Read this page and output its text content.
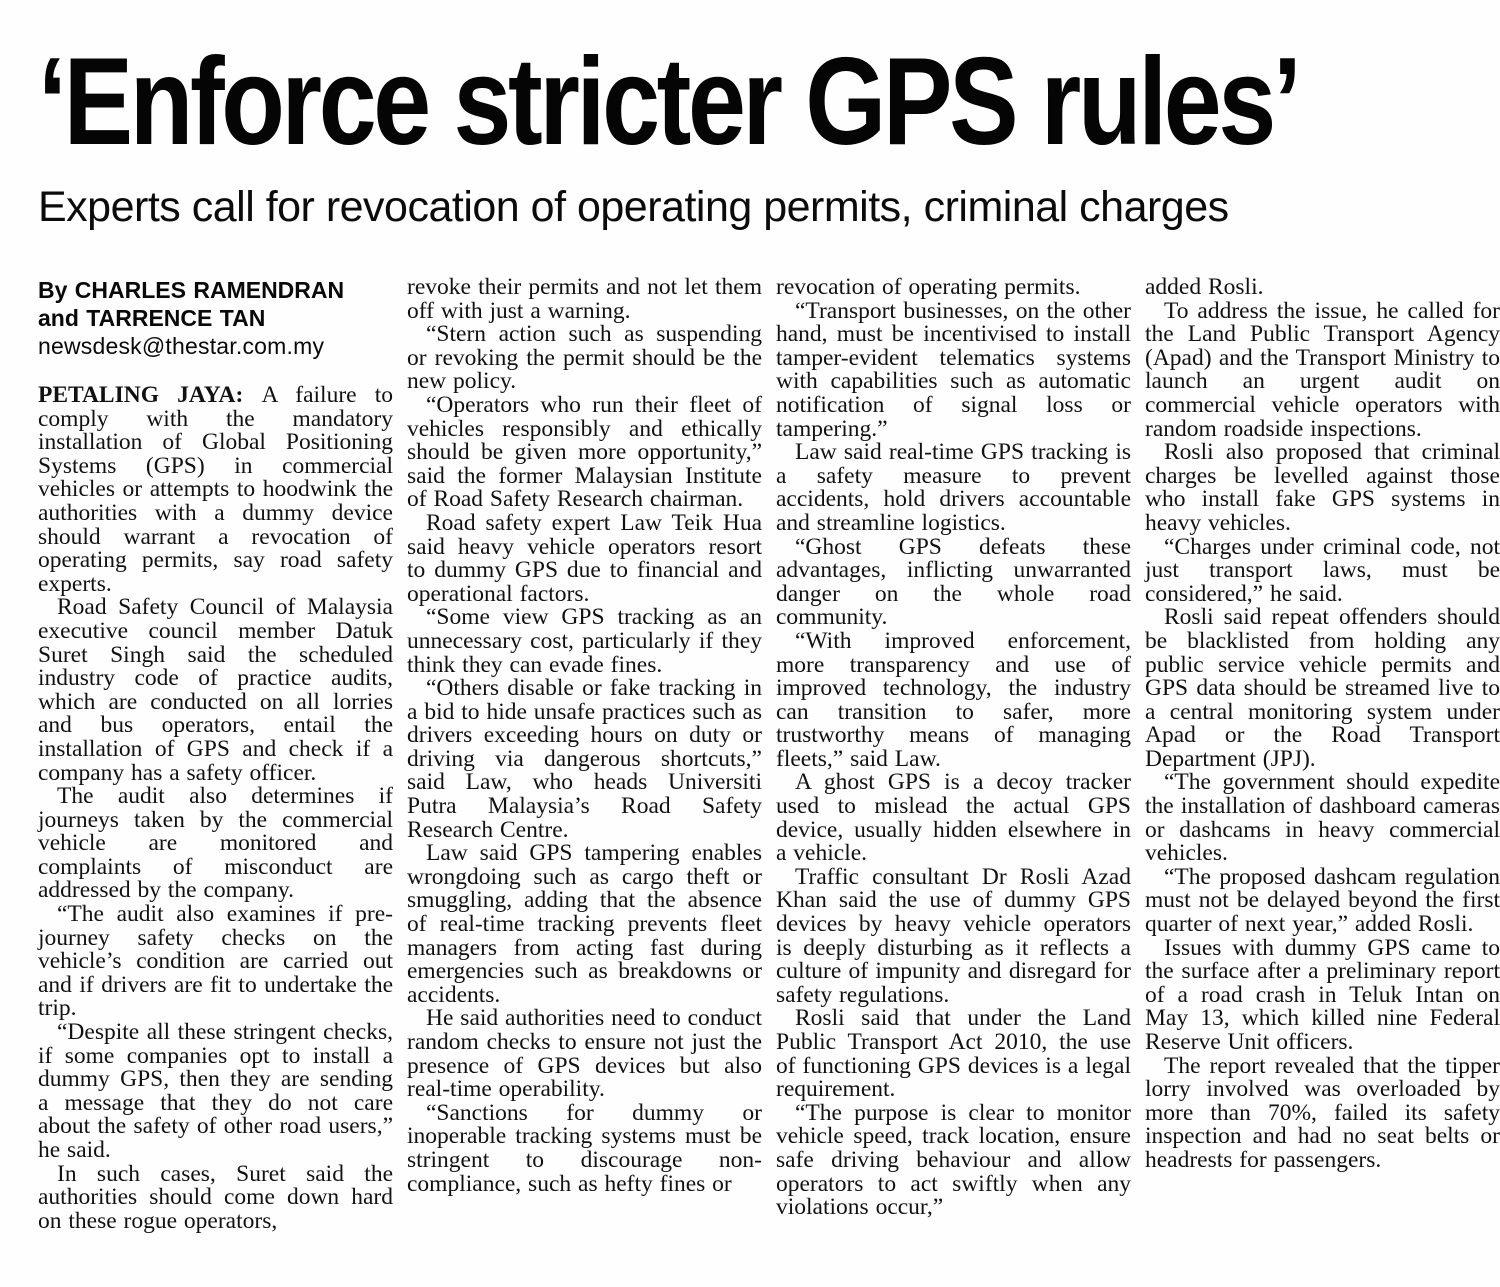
‘Enforce stricter GPS rules’
Experts call for revocation of operating permits, criminal charges

By CHARLES RAMENDRAN

and TARRENCE TAN

newsdesk@thestar.com.my

PETALING JAYA: A failure to comply with the mandatory installation of Global Positioning Systems (GPS) in commercial vehicles or attempts to hoodwink the authorities with a dummy device should warrant a revocation of operating permits, say road safety experts.

Road Safety Council of Malaysia executive council member Datuk Suret Singh said the scheduled industry code of practice audits, which are conducted on all lorries and bus operators, entail the installation of GPS and check if a company has a safety officer.

The audit also determines if journeys taken by the commercial vehicle are monitored and complaints of misconduct are addressed by the company.

“The audit also examines if pre-journey safety checks on the vehicle’s condition are carried out and if drivers are fit to undertake the trip.

“Despite all these stringent checks, if some companies opt to install a dummy GPS, then they are sending a message that they do not care about the safety of other road users,” he said.

In such cases, Suret said the authorities should come down hard on these rogue operators,

revoke their permits and not let them off with just a warning.

“Stern action such as suspending or revoking the permit should be the new policy.

“Operators who run their fleet of vehicles responsibly and ethically should be given more opportunity,” said the former Malaysian Institute of Road Safety Research chairman.

Road safety expert Law Teik Hua said heavy vehicle operators resort to dummy GPS due to financial and operational factors.

“Some view GPS tracking as an unnecessary cost, particularly if they think they can evade fines.

“Others disable or fake tracking in a bid to hide unsafe practices such as drivers exceeding hours on duty or driving via dangerous shortcuts,” said Law, who heads Universiti Putra Malaysia’s Road Safety Research Centre.

Law said GPS tampering enables wrongdoing such as cargo theft or smuggling, adding that the absence of real-time tracking prevents fleet managers from acting fast during emergencies such as breakdowns or accidents.

He said authorities need to conduct random checks to ensure not just the presence of GPS devices but also real-time operability.

“Sanctions for dummy or inoperable tracking systems must be stringent to discourage non-compliance, such as hefty fines or

revocation of operating permits.

“Transport businesses, on the other hand, must be incentivised to install tamper-evident telematics systems with capabilities such as automatic notification of signal loss or tampering.”

Law said real-time GPS tracking is a safety measure to prevent accidents, hold drivers accountable and streamline logistics.

“Ghost GPS defeats these advantages, inflicting unwarranted danger on the whole road community.

“With improved enforcement, more transparency and use of improved technology, the industry can transition to safer, more trustworthy means of managing fleets,” said Law.

A ghost GPS is a decoy tracker used to mislead the actual GPS device, usually hidden elsewhere in a vehicle.

Traffic consultant Dr Rosli Azad Khan said the use of dummy GPS devices by heavy vehicle operators is deeply disturbing as it reflects a culture of impunity and disregard for safety regulations.

Rosli said that under the Land Public Transport Act 2010, the use of functioning GPS devices is a legal requirement.

“The purpose is clear to monitor vehicle speed, track location, ensure safe driving behaviour and allow operators to act swiftly when any violations occur,”

added Rosli.

To address the issue, he called for the Land Public Transport Agency (Apad) and the Transport Ministry to launch an urgent audit on commercial vehicle operators with random roadside inspections.

Rosli also proposed that criminal charges be levelled against those who install fake GPS systems in heavy vehicles.

“Charges under criminal code, not just transport laws, must be considered,” he said.

Rosli said repeat offenders should be blacklisted from holding any public service vehicle permits and GPS data should be streamed live to a central monitoring system under Apad or the Road Transport Department (JPJ).

“The government should expedite the installation of dashboard cameras or dashcams in heavy commercial vehicles.

“The proposed dashcam regulation must not be delayed beyond the first quarter of next year,” added Rosli.

Issues with dummy GPS came to the surface after a preliminary report of a road crash in Teluk Intan on May 13, which killed nine Federal Reserve Unit officers.

The report revealed that the tipper lorry involved was overloaded by more than 70%, failed its safety inspection and had no seat belts or headrests for passengers.
